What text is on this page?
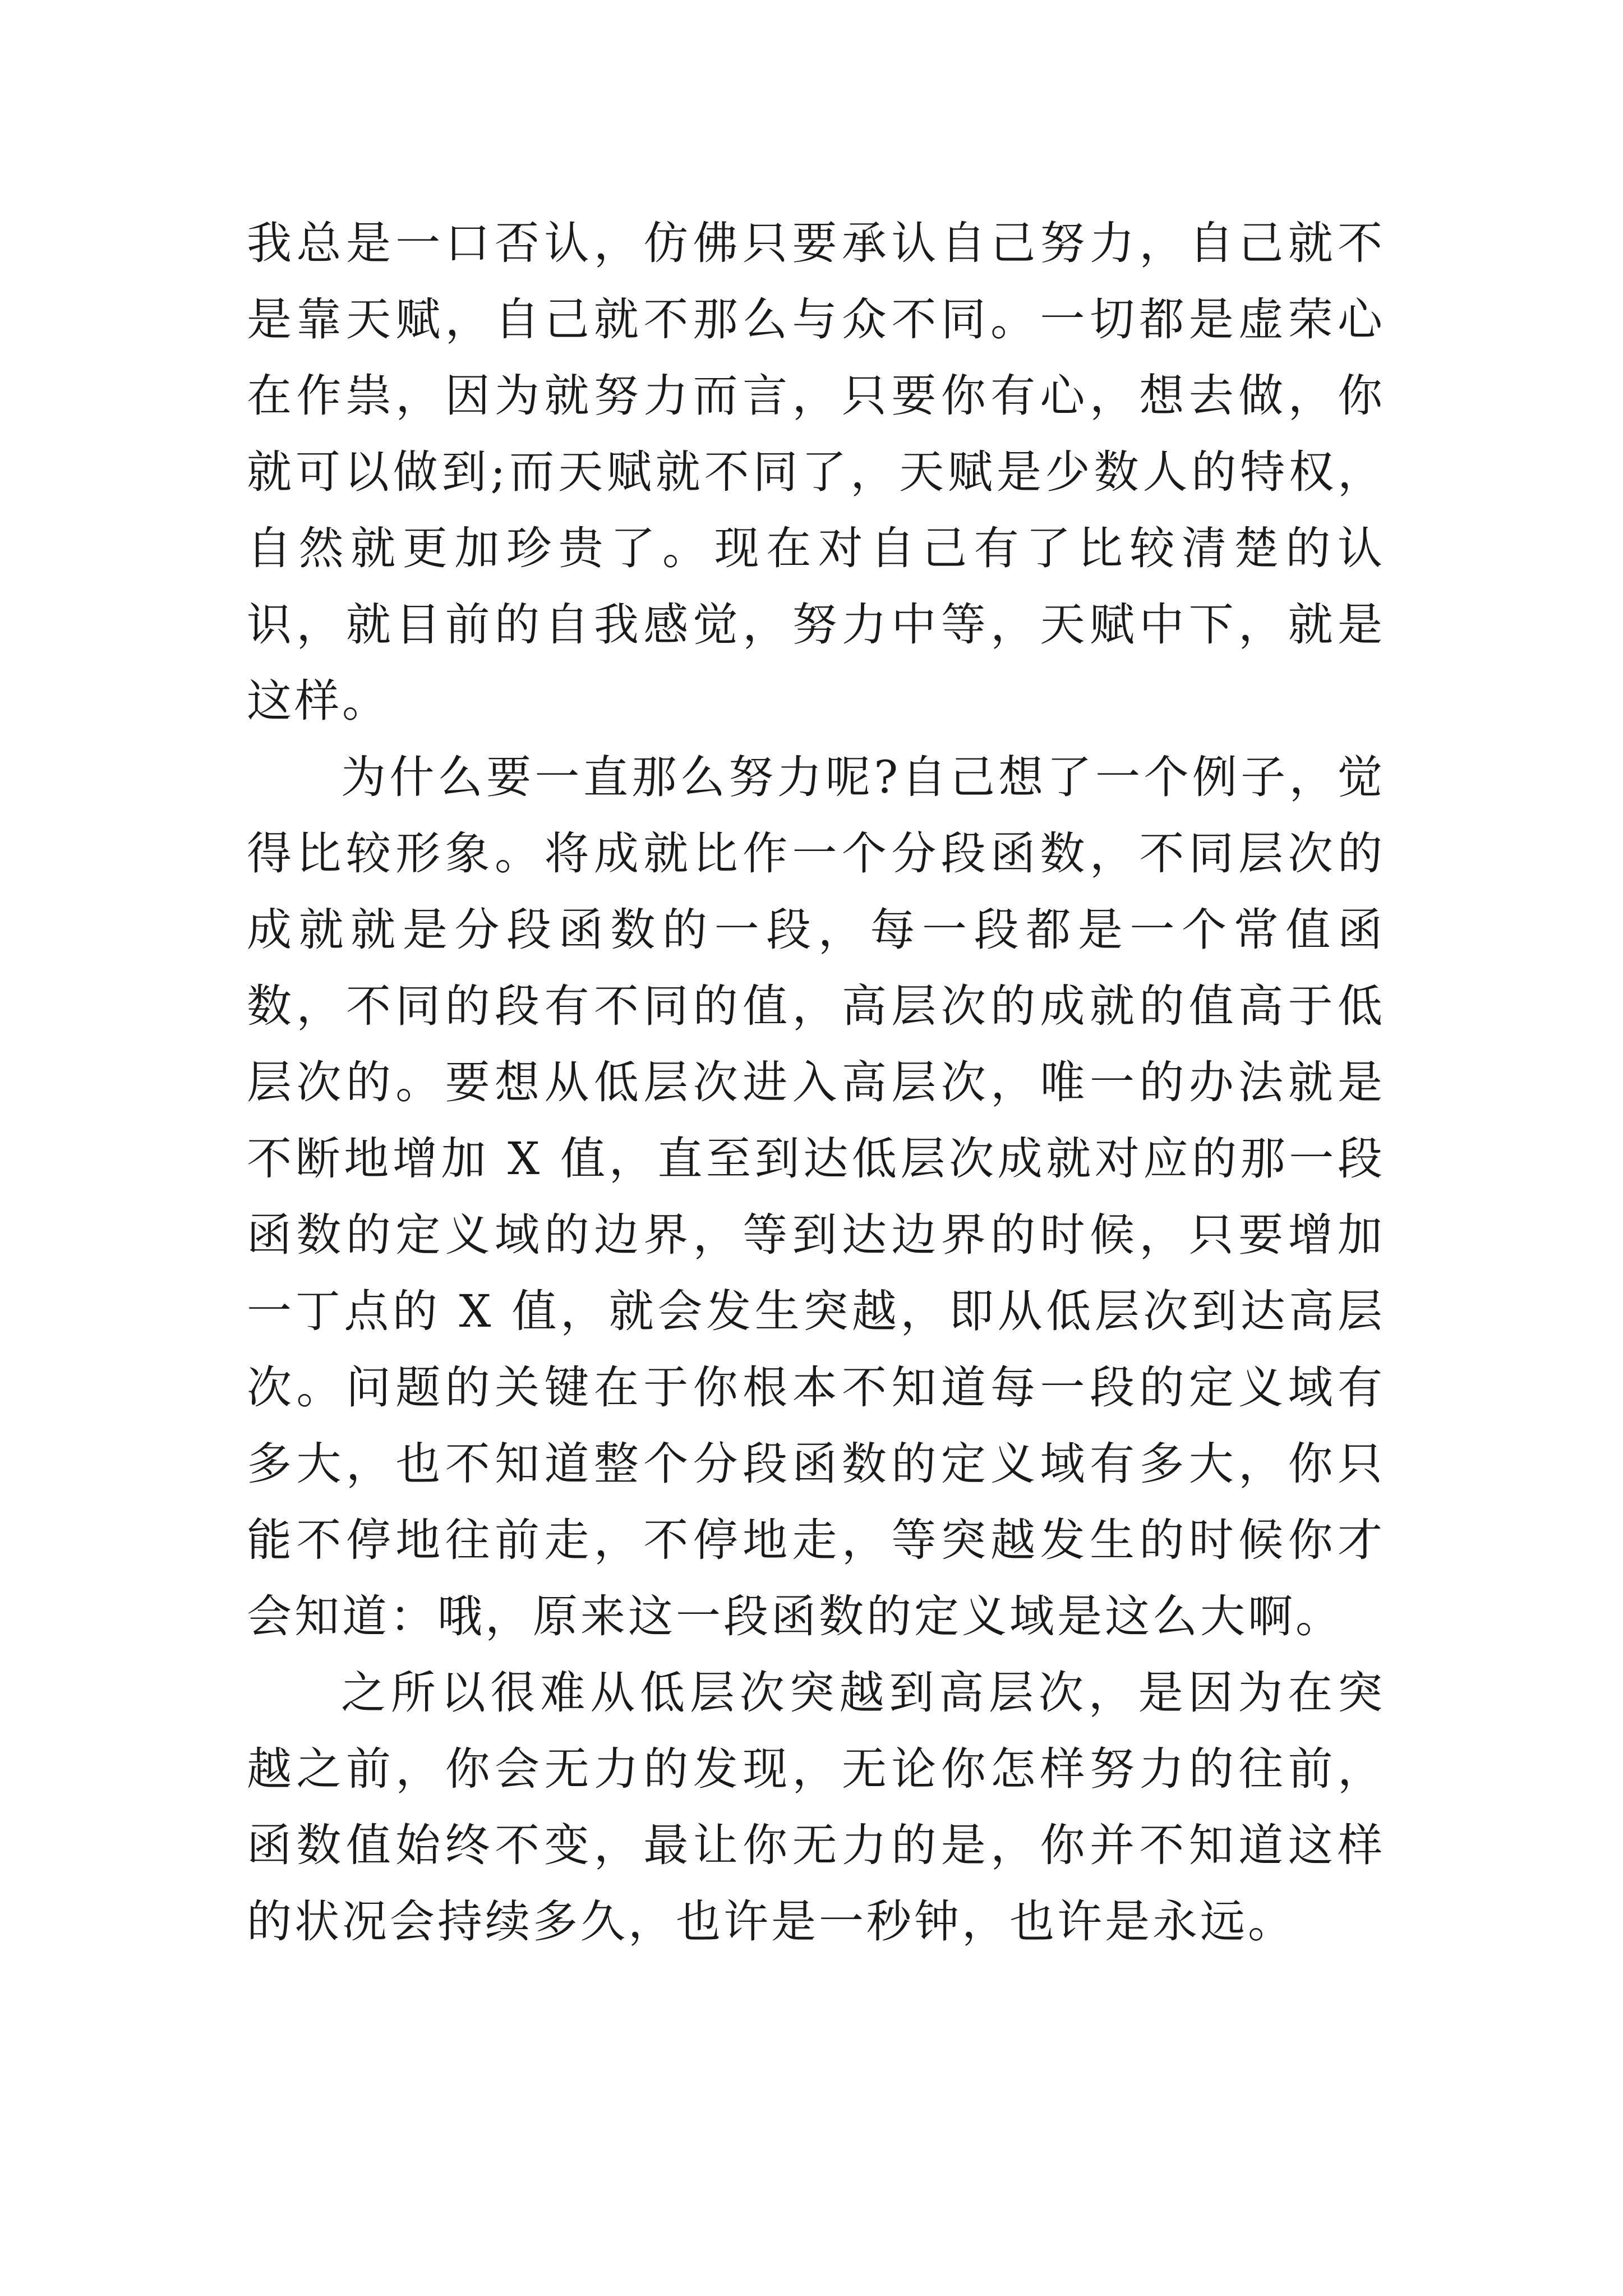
我总是一口否认，仿佛只要承认自己努力，自己就不是靠天赋，自己就不那么与众不同。一切都是虚荣心在作祟，因为就努力而言，只要你有心，想去做，你就可以做到;而天赋就不同了，天赋是少数人的特权，自然就更加珍贵了。现在对自己有了比较清楚的认识，就目前的自我感觉，努力中等，天赋中下，就是这样。

为什么要一直那么努力呢?自己想了一个例子，觉得比较形象。将成就比作一个分段函数，不同层次的成就就是分段函数的一段，每一段都是一个常值函数，不同的段有不同的值，高层次的成就的值高于低层次的。要想从低层次进入高层次，唯一的办法就是不断地增加 X 值，直至到达低层次成就对应的那一段函数的定义域的边界，等到达边界的时候，只要增加一丁点的 X 值，就会发生突越，即从低层次到达高层次。问题的关键在于你根本不知道每一段的定义域有多大，也不知道整个分段函数的定义域有多大，你只能不停地往前走，不停地走，等突越发生的时候你才会知道：哦，原来这一段函数的定义域是这么大啊。

之所以很难从低层次突越到高层次，是因为在突越之前，你会无力的发现，无论你怎样努力的往前，函数值始终不变，最让你无力的是，你并不知道这样的状况会持续多久，也许是一秒钟，也许是永远。
